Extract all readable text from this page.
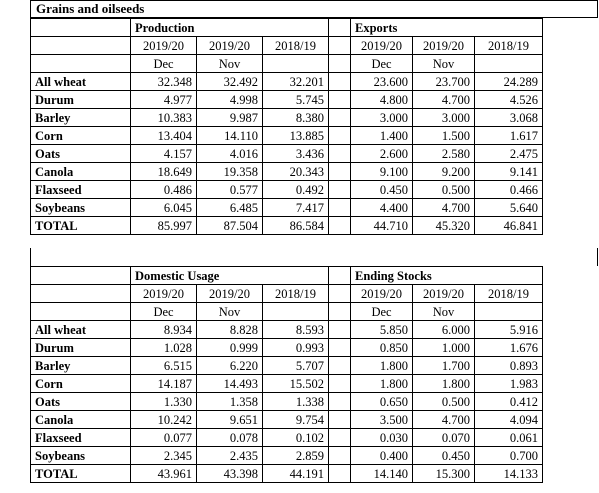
Grains and oilseeds
	Production				Exports		
	2019/20	2019/20	2018/19		2019/20	2019/20	2018/19
	Dec	Nov			Dec	Nov	
All wheat	32.348	32.492	32.201		23.600	23.700	24.289
Durum	4.977	4.998	5.745		4.800	4.700	4.526
Barley	10.383	9.987	8.380		3.000	3.000	3.068
Corn	13.404	14.110	13.885		1.400	1.500	1.617
Oats	4.157	4.016	3.436		2.600	2.580	2.475
Canola	18.649	19.358	20.343		9.100	9.200	9.141
Flaxseed	0.486	0.577	0.492		0.450	0.500	0.466
Soybeans	6.045	6.485	7.417		4.400	4.700	5.640
TOTAL	85.997	87.504	86.584		44.710	45.320	46.841
	Domestic Usage				Ending Stocks		
	2019/20	2019/20	2018/19		2019/20	2019/20	2018/19
	Dec	Nov			Dec	Nov	
All wheat	8.934	8.828	8.593		5.850	6.000	5.916
Durum	1.028	0.999	0.993		0.850	1.000	1.676
Barley	6.515	6.220	5.707		1.800	1.700	0.893
Corn	14.187	14.493	15.502		1.800	1.800	1.983
Oats	1.330	1.358	1.338		0.650	0.500	0.412
Canola	10.242	9.651	9.754		3.500	4.700	4.094
Flaxseed	0.077	0.078	0.102		0.030	0.070	0.061
Soybeans	2.345	2.435	2.859		0.400	0.450	0.700
TOTAL	43.961	43.398	44.191		14.140	15.300	14.133
